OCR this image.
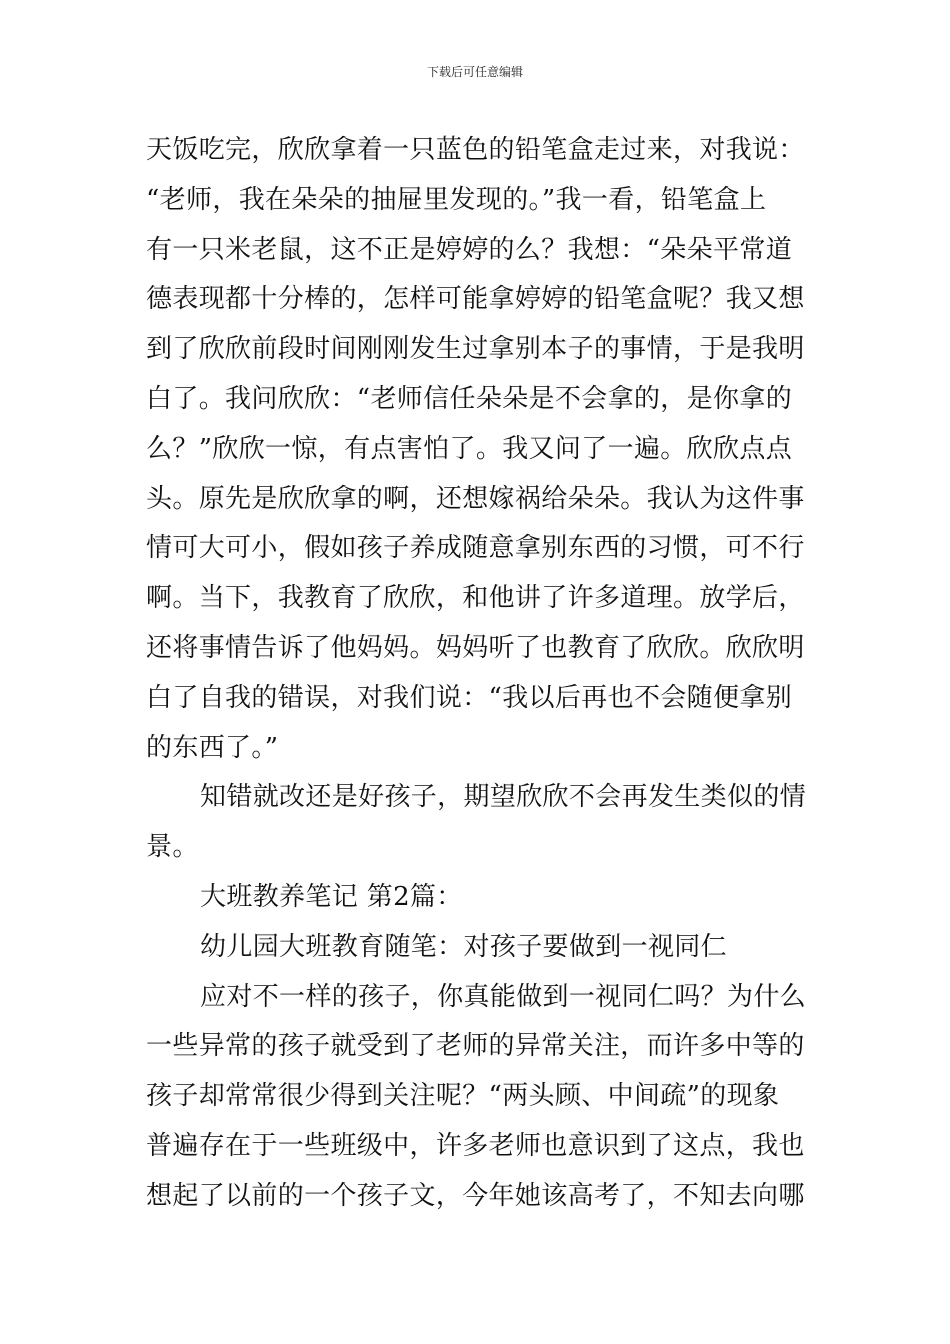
下载后可任意编辑
天饭吃完，欣欣拿着一只蓝色的铅笔盒走过来，对我说：
“老师，我在朵朵的抽屉里发现的。”我一看，铅笔盒上
有一只米老鼠，这不正是婷婷的么？我想：“朵朵平常道
德表现都十分棒的，怎样可能拿婷婷的铅笔盒呢？我又想
到了欣欣前段时间刚刚发生过拿别本子的事情，于是我明
白了。我问欣欣：“老师信任朵朵是不会拿的，是你拿的
么？”欣欣一惊，有点害怕了。我又问了一遍。欣欣点点
头。原先是欣欣拿的啊，还想嫁祸给朵朵。我认为这件事
情可大可小，假如孩子养成随意拿别东西的习惯，可不行
啊。当下，我教育了欣欣，和他讲了许多道理。放学后，
还将事情告诉了他妈妈。妈妈听了也教育了欣欣。欣欣明
白了自我的错误，对我们说：“我以后再也不会随便拿别
的东西了。”
知错就改还是好孩子，期望欣欣不会再发生类似的情
景。
大班教养笔记 第2篇：
幼儿园大班教育随笔：对孩子要做到一视同仁
应对不一样的孩子，你真能做到一视同仁吗？为什么
一些异常的孩子就受到了老师的异常关注，而许多中等的
孩子却常常很少得到关注呢？“两头顾、中间疏”的现象
普遍存在于一些班级中，许多老师也意识到了这点，我也
想起了以前的一个孩子文，今年她该高考了，不知去向哪
